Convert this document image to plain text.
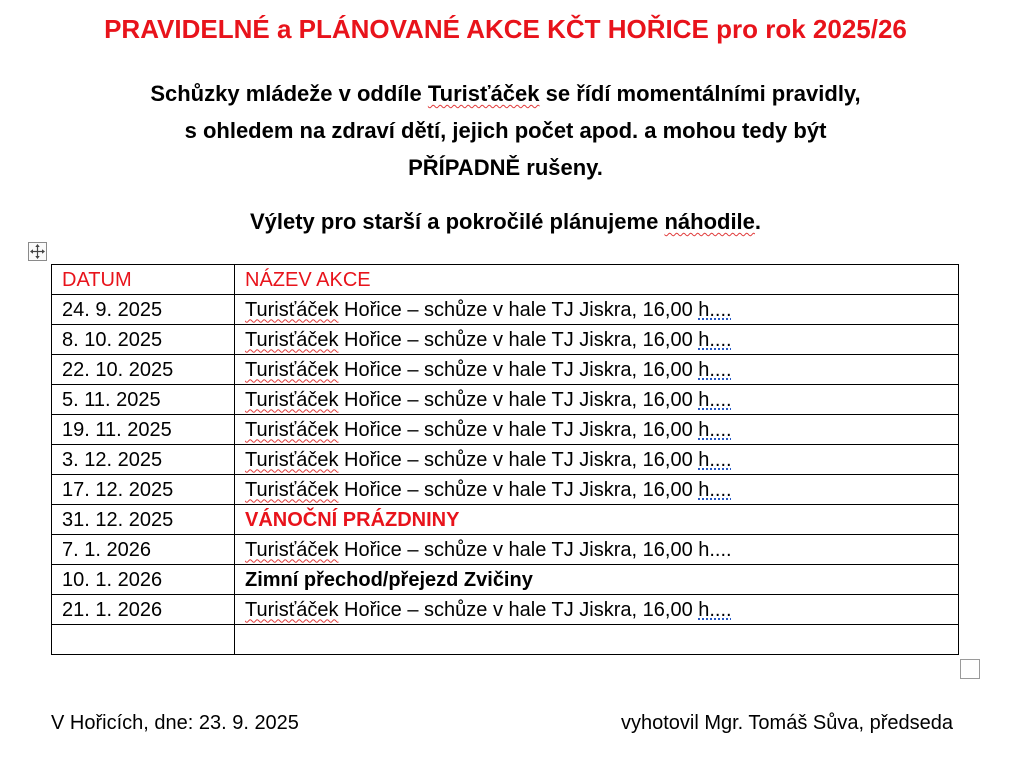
PRAVIDELNÉ a PLÁNOVANÉ AKCE KČT HOŘICE pro rok 2025/26
Schůzky mládeže v oddíle Turisťáček se řídí momentálními pravidly,
s ohledem na zdraví dětí, jejich počet apod. a mohou tedy být
PŘÍPADNĚ rušeny.
Výlety pro starší a pokročilé plánujeme náhodile.
DATUM	NÁZEV AKCE
24. 9. 2025	Turisťáček Hořice – schůze v hale TJ Jiskra, 16,00 h....
8. 10. 2025	Turisťáček Hořice – schůze v hale TJ Jiskra, 16,00 h....
22. 10. 2025	Turisťáček Hořice – schůze v hale TJ Jiskra, 16,00 h....
5. 11. 2025	Turisťáček Hořice – schůze v hale TJ Jiskra, 16,00 h....
19. 11. 2025	Turisťáček Hořice – schůze v hale TJ Jiskra, 16,00 h....
3. 12. 2025	Turisťáček Hořice – schůze v hale TJ Jiskra, 16,00 h....
17. 12. 2025	Turisťáček Hořice – schůze v hale TJ Jiskra, 16,00 h....
31. 12. 2025	VÁNOČNÍ PRÁZDNINY
7. 1. 2026	Turisťáček Hořice – schůze v hale TJ Jiskra, 16,00 h....
10. 1. 2026	Zimní přechod/přejezd Zvičiny
21. 1. 2026	Turisťáček Hořice – schůze v hale TJ Jiskra, 16,00 h....

V Hořicích, dne: 23. 9. 2025	vyhotovil Mgr. Tomáš Sůva, předseda
